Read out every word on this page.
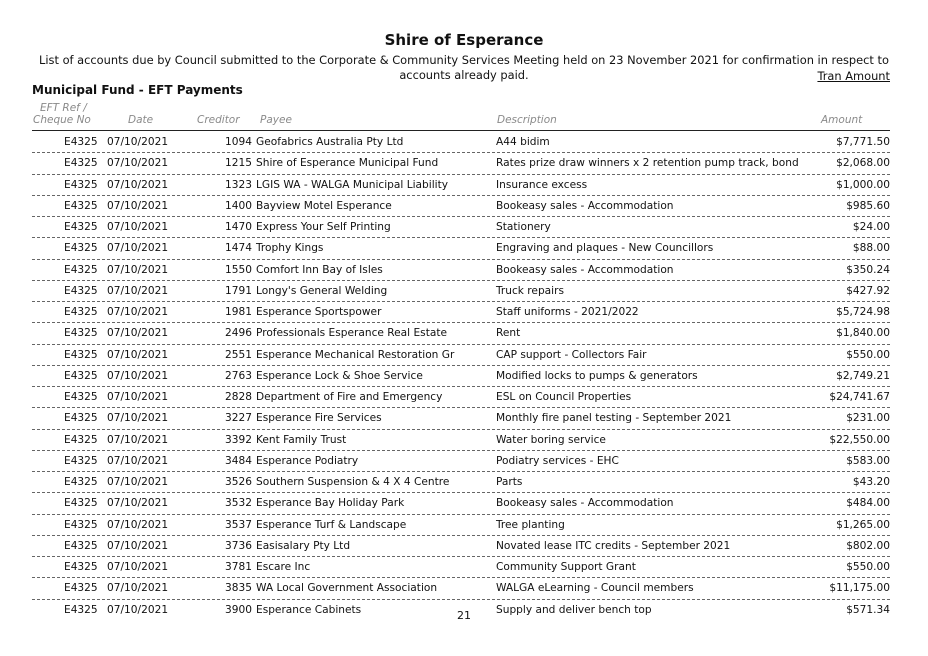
Shire of Esperance
List of accounts due by Council submitted to the Corporate & Community Services Meeting held on 23 November 2021 for confirmation in respect to accounts already paid.	Tran Amount
Municipal Fund - EFT Payments
EFT Ref /
Cheque No	Date	Creditor Payee	Description	Amount
E4325 07/10/2021	1094 Geofabrics Australia Pty Ltd	A44 bidim	$7,771.50
E4325 07/10/2021	1215 Shire of Esperance Municipal Fund	Rates prize draw winners x 2 retention pump track, bond	$2,068.00
E4325 07/10/2021	1323 LGIS WA - WALGA Municipal Liability	Insurance excess	$1,000.00
E4325 07/10/2021	1400 Bayview Motel Esperance	Bookeasy sales - Accommodation	$985.60
E4325 07/10/2021	1470 Express Your Self Printing	Stationery	$24.00
E4325 07/10/2021	1474 Trophy Kings	Engraving and plaques - New Councillors	$88.00
E4325 07/10/2021	1550 Comfort Inn Bay of Isles	Bookeasy sales - Accommodation	$350.24
E4325 07/10/2021	1791 Longy's General Welding	Truck repairs	$427.92
E4325 07/10/2021	1981 Esperance Sportspower	Staff uniforms - 2021/2022	$5,724.98
E4325 07/10/2021	2496 Professionals Esperance Real Estate	Rent	$1,840.00
E4325 07/10/2021	2551 Esperance Mechanical Restoration Gr	CAP support - Collectors Fair	$550.00
E4325 07/10/2021	2763 Esperance Lock & Shoe Service	Modified locks to pumps & generators	$2,749.21
E4325 07/10/2021	2828 Department of Fire and Emergency	ESL on Council Properties	$24,741.67
E4325 07/10/2021	3227 Esperance Fire Services	Monthly fire panel testing - September 2021	$231.00
E4325 07/10/2021	3392 Kent Family Trust	Water boring service	$22,550.00
E4325 07/10/2021	3484 Esperance Podiatry	Podiatry services - EHC	$583.00
E4325 07/10/2021	3526 Southern Suspension & 4 X 4 Centre	Parts	$43.20
E4325 07/10/2021	3532 Esperance Bay Holiday Park	Bookeasy sales - Accommodation	$484.00
E4325 07/10/2021	3537 Esperance Turf & Landscape	Tree planting	$1,265.00
E4325 07/10/2021	3736 Easisalary Pty Ltd	Novated lease ITC credits - September 2021	$802.00
E4325 07/10/2021	3781 Escare Inc	Community Support Grant	$550.00
E4325 07/10/2021	3835 WA Local Government Association	WALGA eLearning - Council members	$11,175.00
E4325 07/10/2021	3900 Esperance Cabinets	Supply and deliver bench top	$571.34
21
